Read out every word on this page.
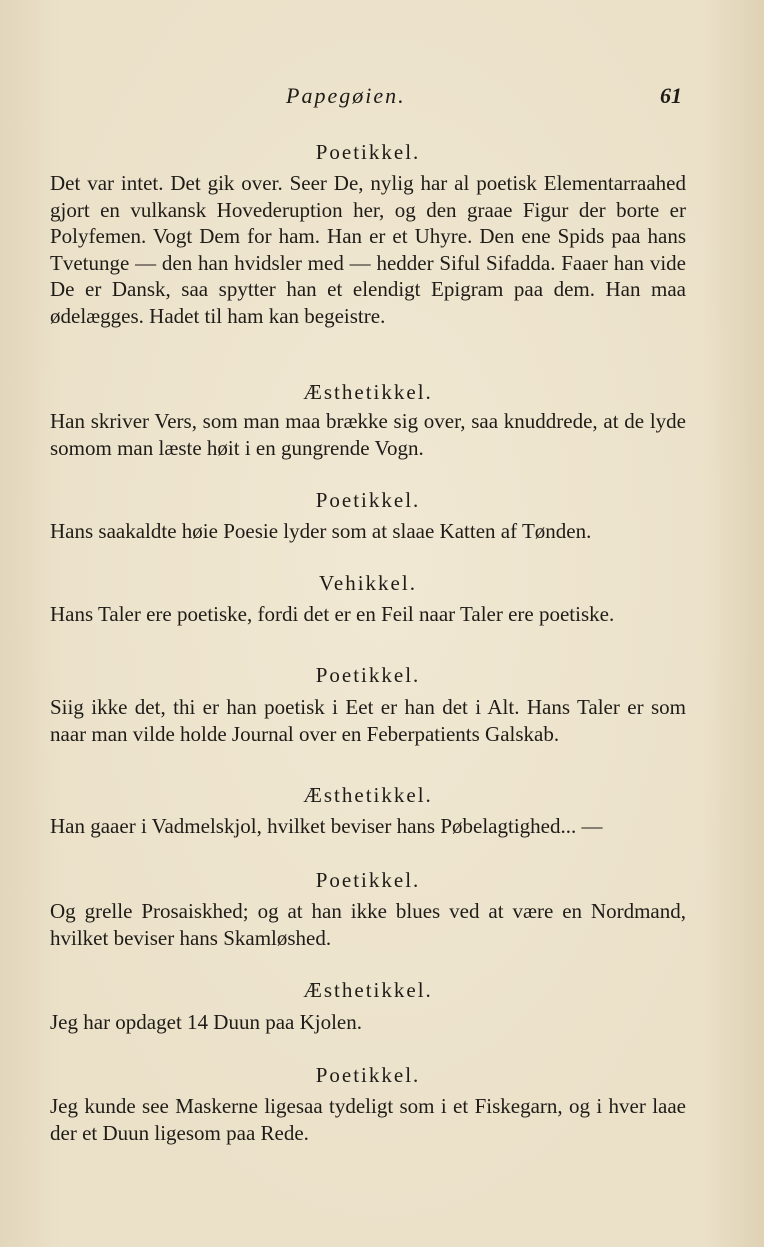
Papegøien.	61
Poetikkel.
Det var intet. Det gik over. Seer De, nylig har al poetisk Elementarraahed gjort en vulkansk Hovederuption her, og den graae Figur der borte er Polyfemen. Vogt Dem for ham. Han er et Uhyre. Den ene Spids paa hans Tvetunge — den han hvidsler med — hedder Siful Sifadda. Faaer han vide De er Dansk, saa spytter han et elendigt Epigram paa dem. Han maa ødelægges. Hadet til ham kan begeistre.
Æsthetikkel.
Han skriver Vers, som man maa brække sig over, saa knuddrede, at de lyde somom man læste høit i en gungrende Vogn.
Poetikkel.
Hans saakaldte høie Poesie lyder som at slaae Katten af Tønden.
Vehikkel.
Hans Taler ere poetiske, fordi det er en Feil naar Taler ere poetiske.
Poetikkel.
Siig ikke det, thi er han poetisk i Eet er han det i Alt. Hans Taler er som naar man vilde holde Journal over en Feberpatients Galskab.
Æsthetikkel.
Han gaaer i Vadmelskjol, hvilket beviser hans Pøbelagtighed... —
Poetikkel.
Og grelle Prosaiskhed; og at han ikke blues ved at være en Nordmand, hvilket beviser hans Skamløshed.
Æsthetikkel.
Jeg har opdaget 14 Duun paa Kjolen.
Poetikkel.
Jeg kunde see Maskerne ligesaa tydeligt som i et Fiskegarn, og i hver laae der et Duun ligesom paa Rede.
